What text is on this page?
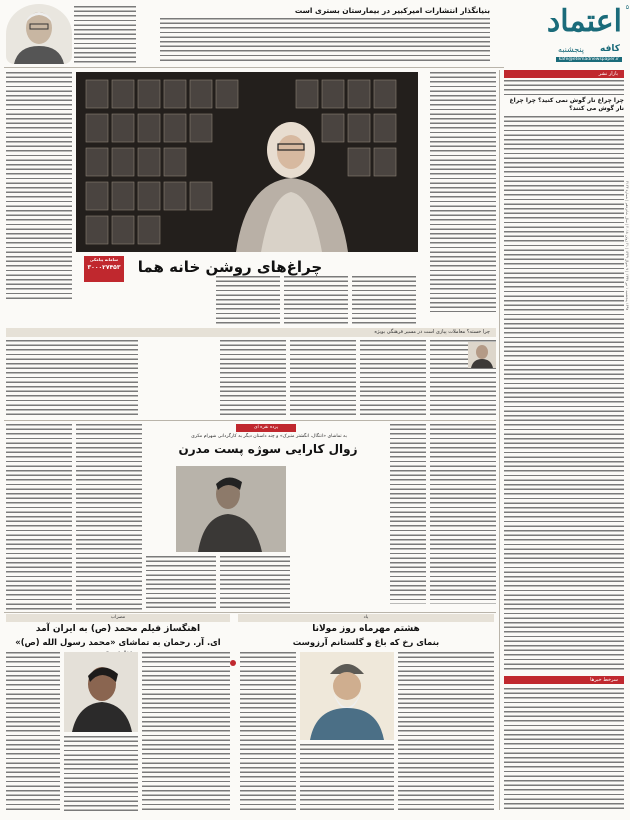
اعتماد
کافه
پنجشنبه
kafe@etemadnewspaper.ir
۵
۱۳۹۷ پنجشنبه ۱ تیر ۱۳۹۷ | ۷ شوال ۱۴۳۹ | ۲۱ ژوئن ۲۰۱۸ | سال شانزدهم | شماره ۴۱۲۳
بنیانگذار انتشارات امیرکبیر در بیمارستان بستری است
بازار نشر
چرا چراغ نار گوش نمی کنید؟ چرا چراغ نار گوش می کنند؟
چراغ‌های روشن خانه هما
سامانه پیامکی
۳۰۰۰۲۷۴۵۳
چرا خسته؟ معاملات پیازی است در مسیر فرهنگی بویژه
پرده نقره ای
به تماشای «انتگال، انگشتر متبرک» و چند داستان دیگر به کارگردانی شهرام مکری
زوال کارایی سوژه پست مدرن
مضراب
اهنگساز فیلم محمد (ص) به ایران آمد
ای. آر. رحمان به تماشای «محمد رسول الله (ص)»
یاد
هشتم مهرماه روز مولانا
بنمای رخ که باغ و گلستانم آرزوست
سرخط خبرها
